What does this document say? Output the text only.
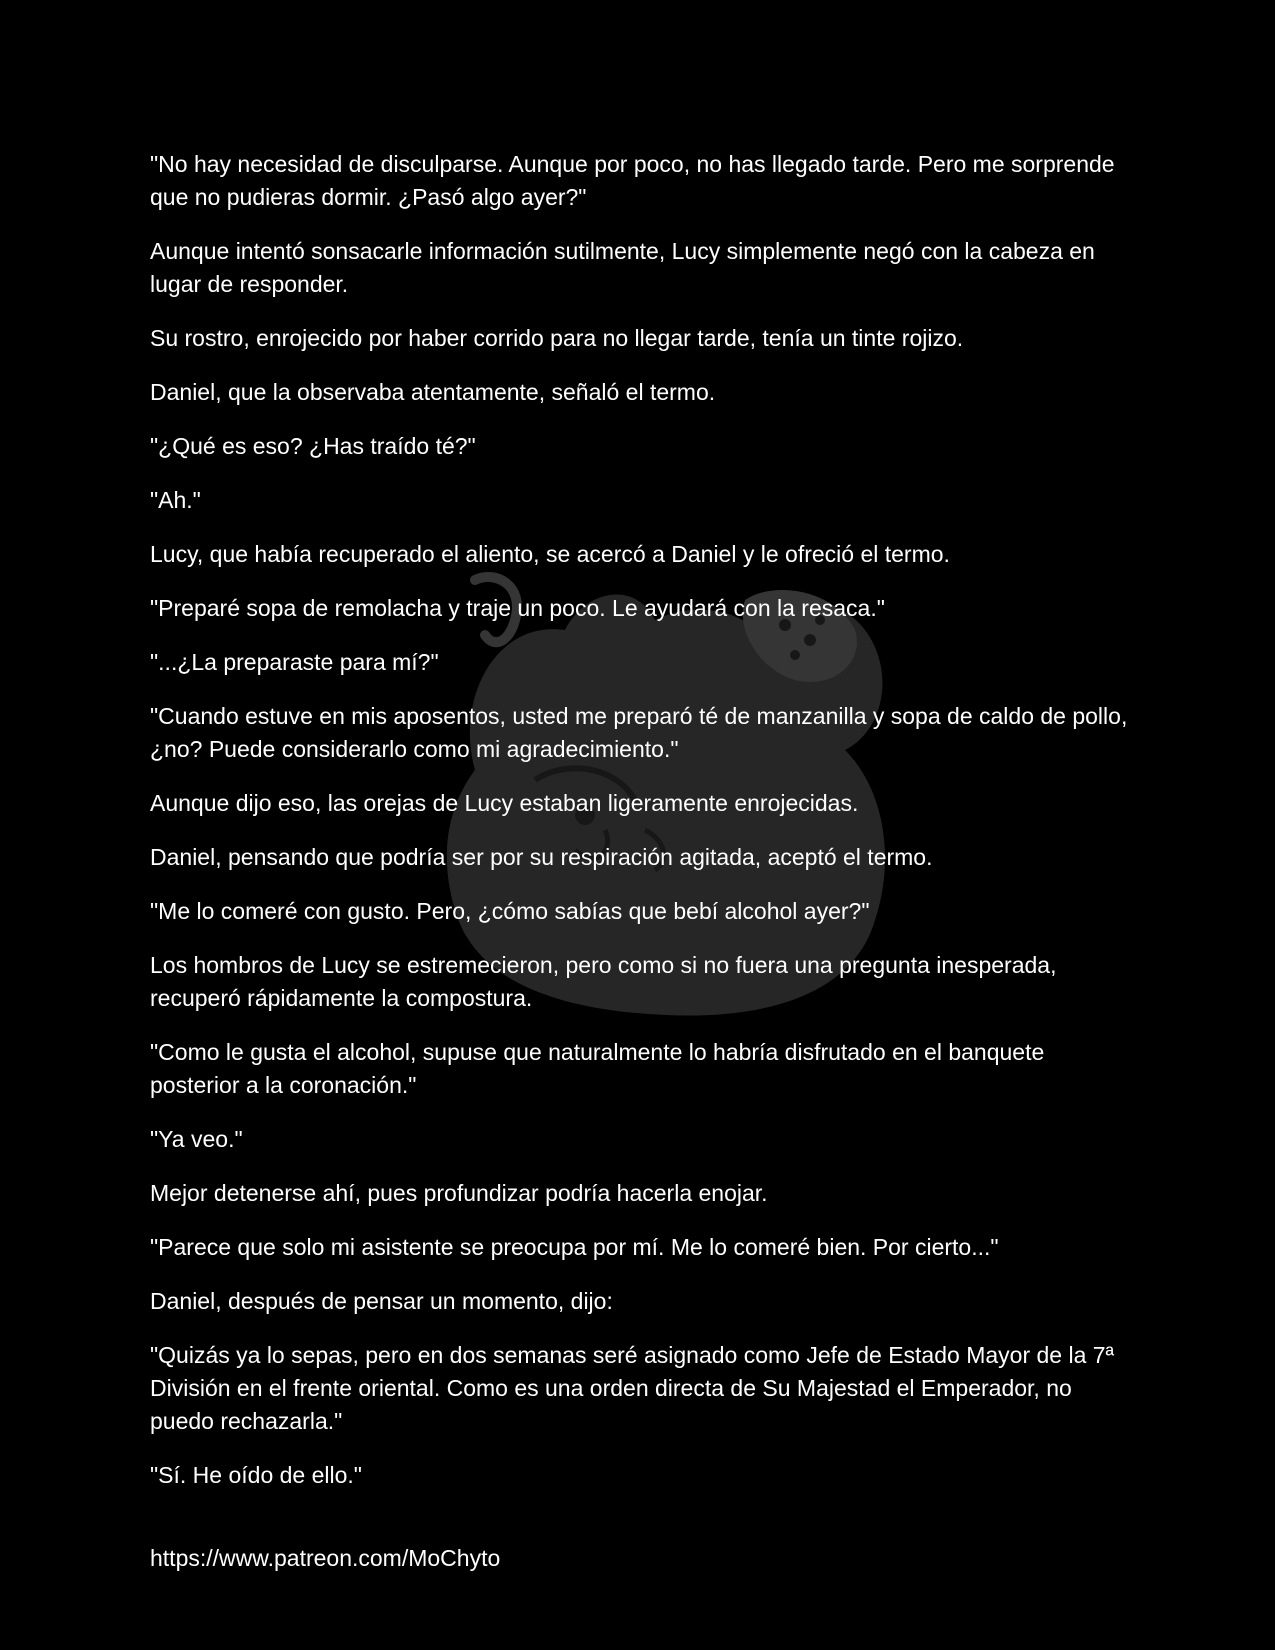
"No hay necesidad de disculparse. Aunque por poco, no has llegado tarde. Pero me sorprende que no pudieras dormir. ¿Pasó algo ayer?"

Aunque intentó sonsacarle información sutilmente, Lucy simplemente negó con la cabeza en lugar de responder.

Su rostro, enrojecido por haber corrido para no llegar tarde, tenía un tinte rojizo.

Daniel, que la observaba atentamente, señaló el termo.

"¿Qué es eso? ¿Has traído té?"

"Ah."

Lucy, que había recuperado el aliento, se acercó a Daniel y le ofreció el termo.

"Preparé sopa de remolacha y traje un poco. Le ayudará con la resaca."

"...¿La preparaste para mí?"

"Cuando estuve en mis aposentos, usted me preparó té de manzanilla y sopa de caldo de pollo, ¿no? Puede considerarlo como mi agradecimiento."

Aunque dijo eso, las orejas de Lucy estaban ligeramente enrojecidas.

Daniel, pensando que podría ser por su respiración agitada, aceptó el termo.

"Me lo comeré con gusto. Pero, ¿cómo sabías que bebí alcohol ayer?"

Los hombros de Lucy se estremecieron, pero como si no fuera una pregunta inesperada, recuperó rápidamente la compostura.

"Como le gusta el alcohol, supuse que naturalmente lo habría disfrutado en el banquete posterior a la coronación."

"Ya veo."

Mejor detenerse ahí, pues profundizar podría hacerla enojar.

"Parece que solo mi asistente se preocupa por mí. Me lo comeré bien. Por cierto..."

Daniel, después de pensar un momento, dijo:

"Quizás ya lo sepas, pero en dos semanas seré asignado como Jefe de Estado Mayor de la 7ª División en el frente oriental. Como es una orden directa de Su Majestad el Emperador, no puedo rechazarla."

"Sí. He oído de ello."

https://www.patreon.com/MoChyto
